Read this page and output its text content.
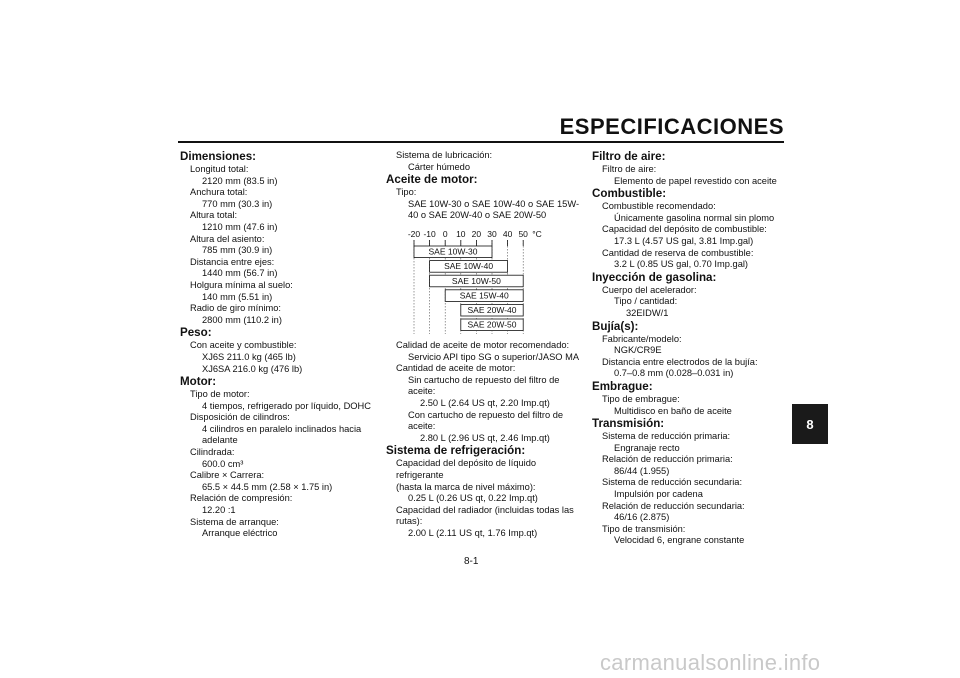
ESPECIFICACIONES
8
Dimensiones:
Longitud total:
2120 mm (83.5 in)
Anchura total:
770 mm (30.3 in)
Altura total:
1210 mm (47.6 in)
Altura del asiento:
785 mm (30.9 in)
Distancia entre ejes:
1440 mm (56.7 in)
Holgura mínima al suelo:
140 mm (5.51 in)
Radio de giro mínimo:
2800 mm (110.2 in)
Peso:
Con aceite y combustible:
XJ6S 211.0 kg (465 lb)
XJ6SA 216.0 kg (476 lb)
Motor:
Tipo de motor:
4 tiempos, refrigerado por líquido, DOHC
Disposición de cilindros:
4 cilindros en paralelo inclinados hacia
adelante
Cilindrada:
600.0 cm³
Calibre × Carrera:
65.5 × 44.5 mm (2.58 × 1.75 in)
Relación de compresión:
12.20 :1
Sistema de arranque:
Arranque eléctrico
Sistema de lubricación:
Cárter húmedo
Aceite de motor:
Tipo:
SAE 10W-30 o SAE 10W-40 o SAE 15W-
40 o SAE 20W-40 o SAE 20W-50
-20 -10 0 10 20 30 40 50 °C
SAE 10W-30
SAE 10W-40
SAE 10W-50
SAE 15W-40
SAE 20W-40
SAE 20W-50
Calidad de aceite de motor recomendado:
Servicio API tipo SG o superior/JASO MA
Cantidad de aceite de motor:
Sin cartucho de repuesto del filtro de
aceite:
2.50 L (2.64 US qt, 2.20 Imp.qt)
Con cartucho de repuesto del filtro de
aceite:
2.80 L (2.96 US qt, 2.46 Imp.qt)
Sistema de refrigeración:
Capacidad del depósito de líquido refrigerante
(hasta la marca de nivel máximo):
0.25 L (0.26 US qt, 0.22 Imp.qt)
Capacidad del radiador (incluidas todas las
rutas):
2.00 L (2.11 US qt, 1.76 Imp.qt)
Filtro de aire:
Filtro de aire:
Elemento de papel revestido con aceite
Combustible:
Combustible recomendado:
Únicamente gasolina normal sin plomo
Capacidad del depósito de combustible:
17.3 L (4.57 US gal, 3.81 Imp.gal)
Cantidad de reserva de combustible:
3.2 L (0.85 US gal, 0.70 Imp.gal)
Inyección de gasolina:
Cuerpo del acelerador:
Tipo / cantidad:
32EIDW/1
Bujía(s):
Fabricante/modelo:
NGK/CR9E
Distancia entre electrodos de la bujía:
0.7–0.8 mm (0.028–0.031 in)
Embrague:
Tipo de embrague:
Multidisco en baño de aceite
Transmisión:
Sistema de reducción primaria:
Engranaje recto
Relación de reducción primaria:
86/44 (1.955)
Sistema de reducción secundaria:
Impulsión por cadena
Relación de reducción secundaria:
46/16 (2.875)
Tipo de transmisión:
Velocidad 6, engrane constante
8-1
carmanualsonline.info
